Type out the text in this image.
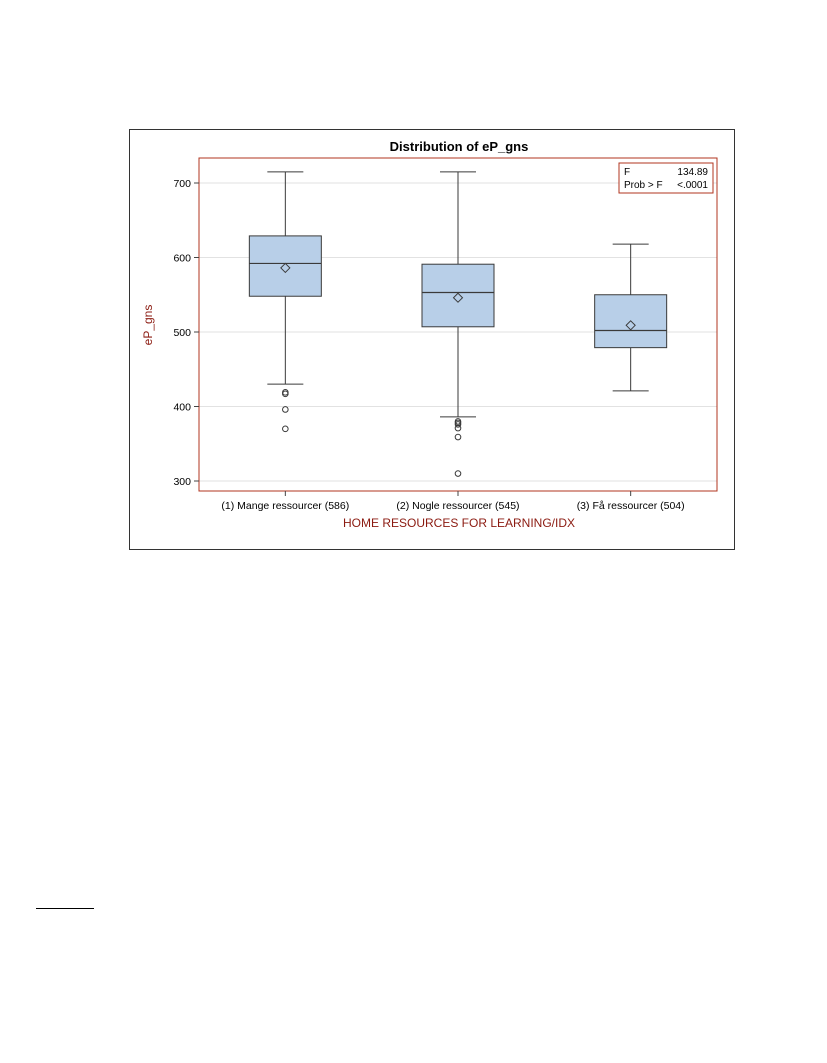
Distribution of eP_gns
300
400
500
600
700
(1) Mange ressourcer (586)	(2) Nogle ressourcer (545)	(3) Få ressourcer (504)
F	134.89
Prob > F <.0001
HOME RESOURCES FOR LEARNING/IDX
eP_gns
